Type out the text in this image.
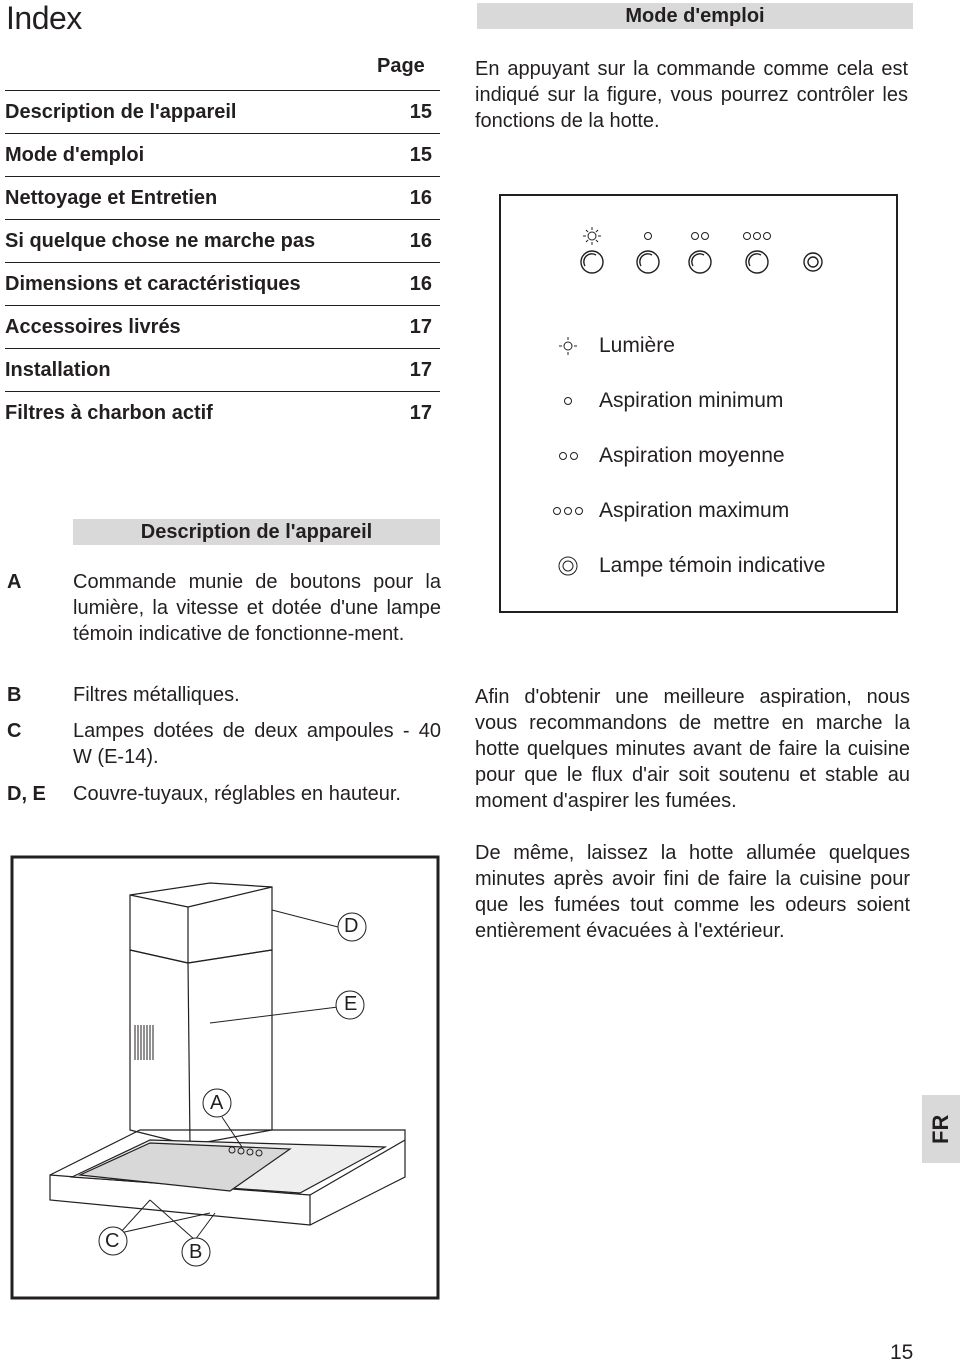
Index
Page
Description de l'appareil	15
Mode d'emploi	15
Nettoyage et Entretien	16
Si quelque chose ne marche pas	16
Dimensions et caractéristiques	16
Accessoires livrés	17
Installation	17
Filtres à charbon actif	17
Description de l'appareil
A	Commande munie de boutons pour la lumière, la vitesse et dotée d'une lampe témoin indicative de fonctionne-ment.
B	Filtres métalliques.
C	Lampes dotées de deux ampoules - 40 W (E-14).
D, E Couvre-tuyaux, réglables en hauteur.
D
E
A
C	B
Mode d'emploi
En appuyant sur la commande comme cela est indiqué sur la figure, vous pourrez contrôler les fonctions de la hotte.
Lumière
Aspiration minimum
Aspiration moyenne
Aspiration maximum
Lampe témoin indicative
Afin d'obtenir une meilleure aspiration, nous vous recommandons de mettre en marche la hotte quelques minutes avant de faire la cuisine pour que le flux d'air soit soutenu et stable au moment d'aspirer les fumées.
De même, laissez la hotte allumée quelques minutes après avoir fini de faire la cuisine pour que les fumées tout comme les odeurs soient entièrement évacuées à l'extérieur.
FR
15
